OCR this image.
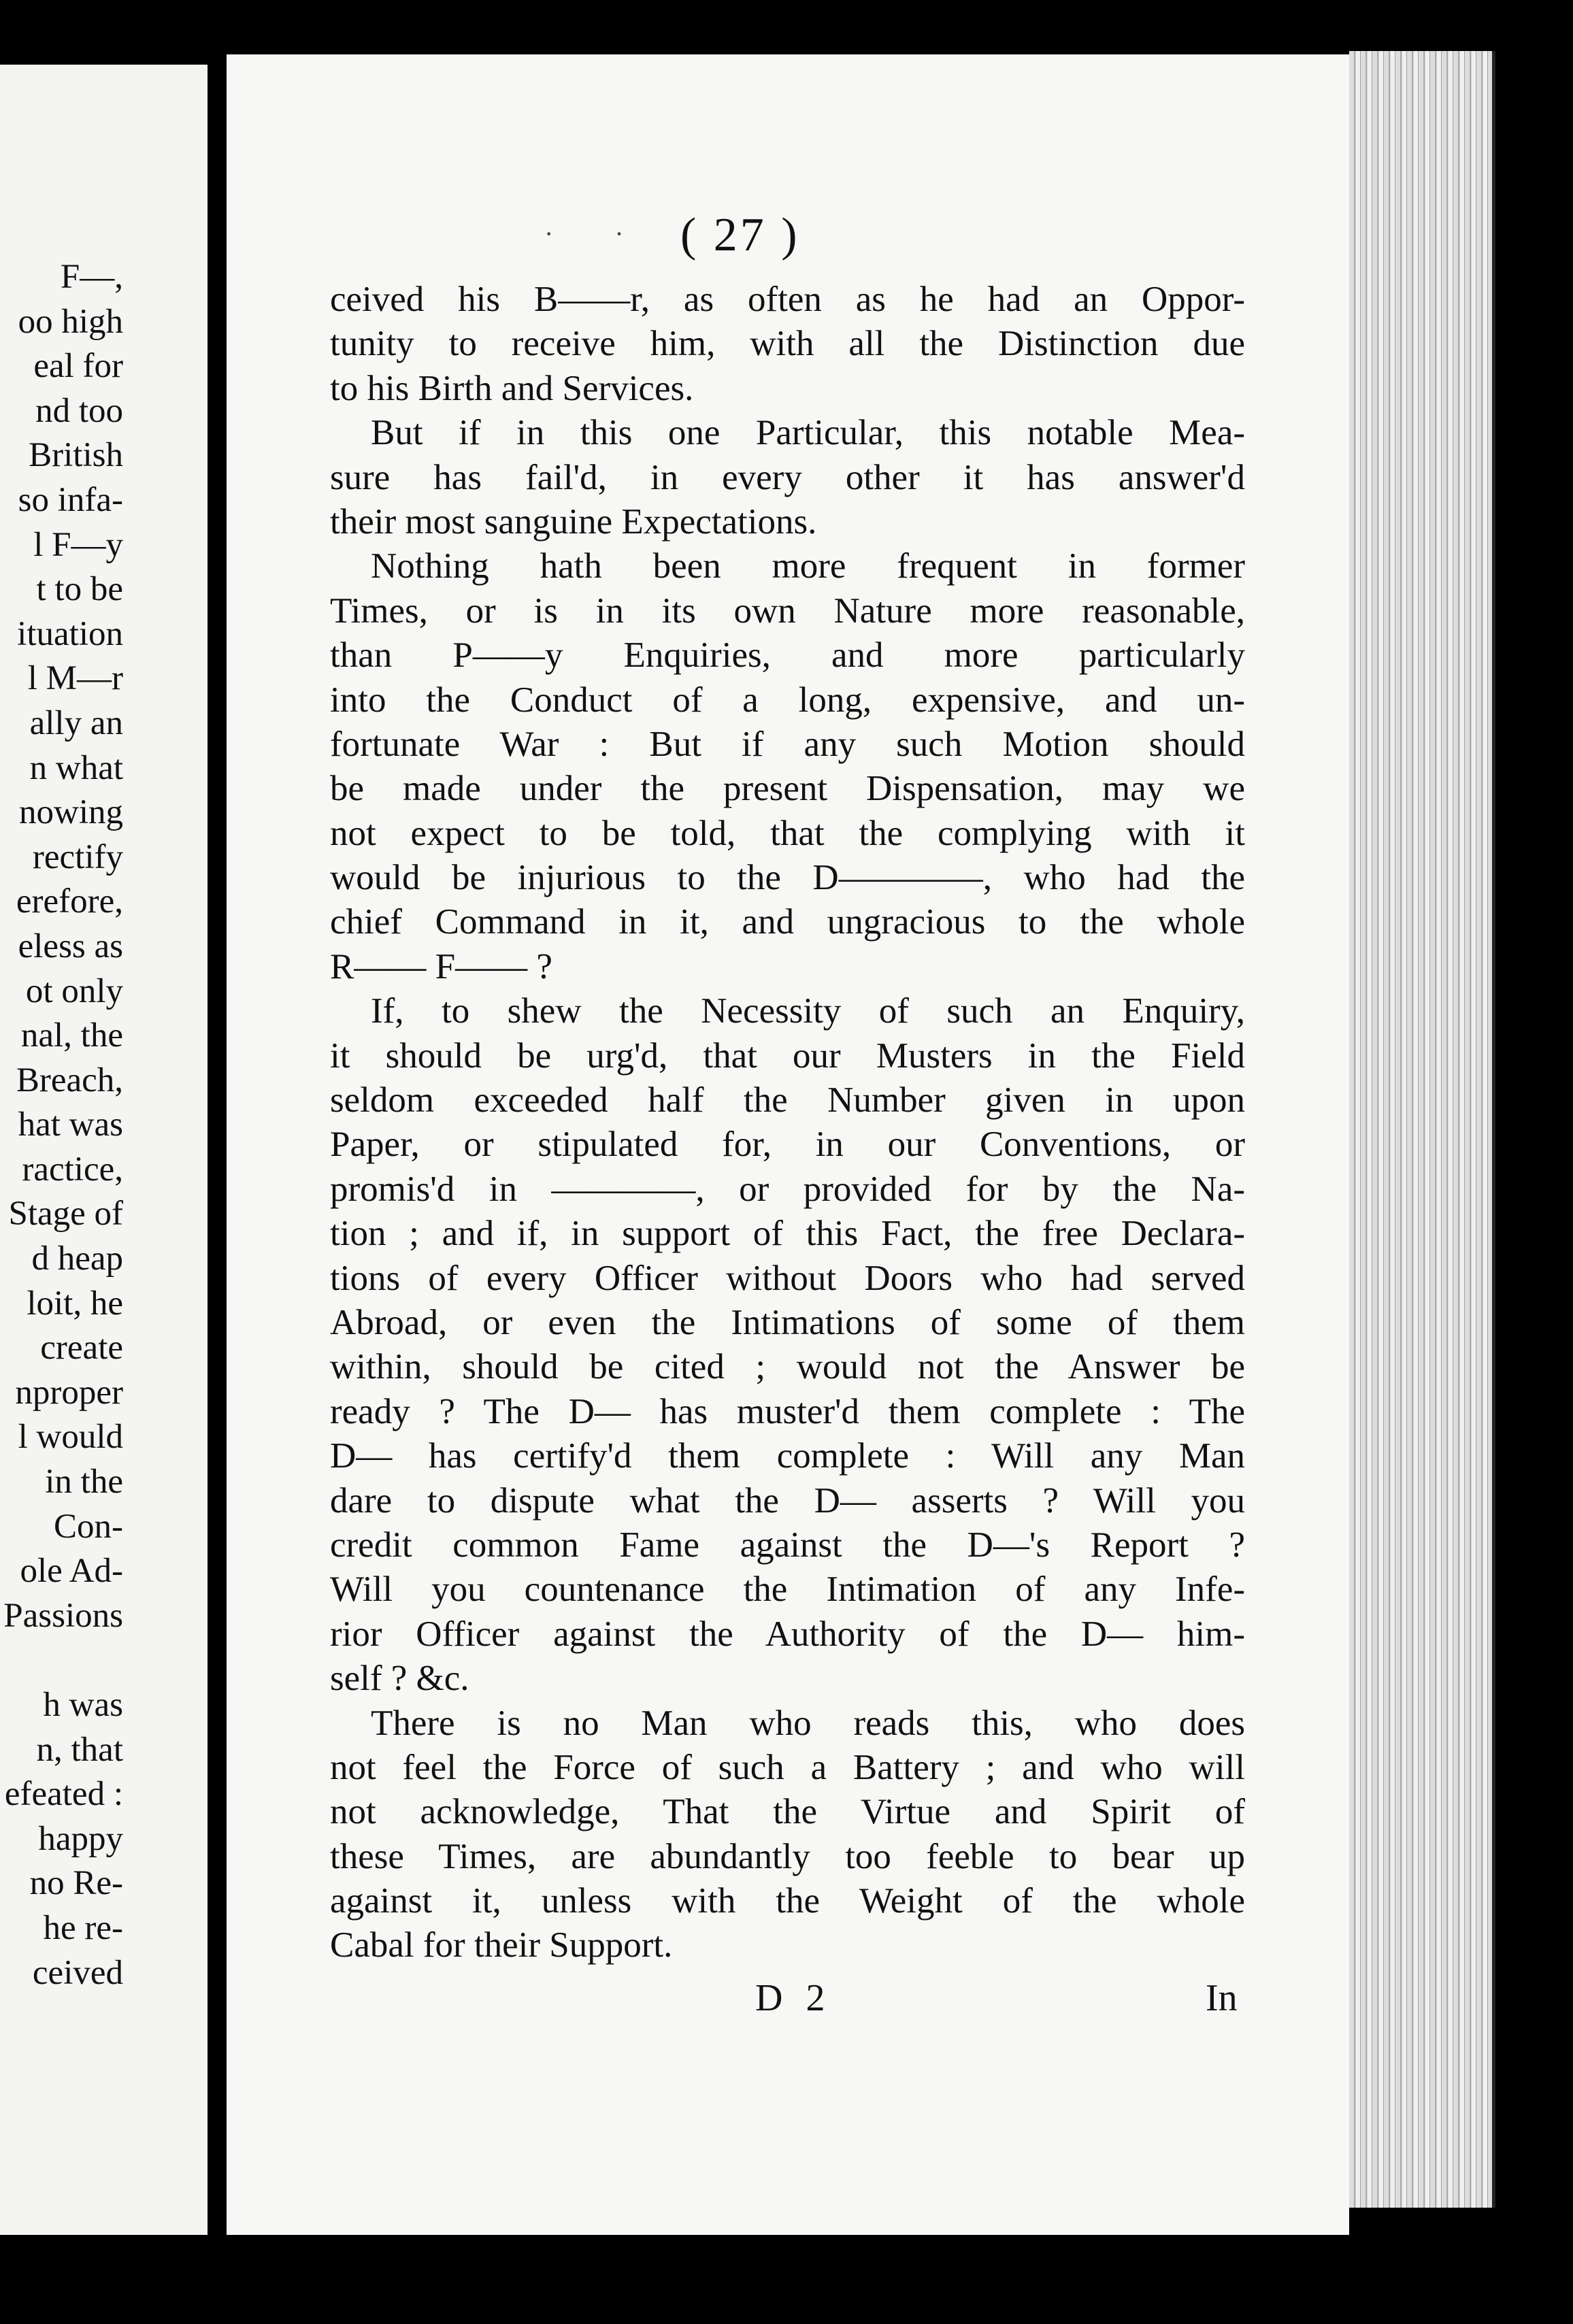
F—,
oo high
eal for
nd too
British
so infa-
l F—y
t to be
ituation
l M—r
ally an
n what
nowing
rectify
erefore,
eless as
ot only
nal, the
Breach,
hat was
ractice,
Stage of
d heap
loit, he
create
nproper
l would
in the
Con-
ole Ad-
Passions
h was
n, that
efeated :
happy
no Re-
he re-
ceived
· · ( 27 )
ceived his B——r, as often as he had an Oppor-
tunity to receive him, with all the Distinction due
to his Birth and Services.
But if in this one Particular, this notable Mea-
sure has fail'd, in every other it has answer'd
their most sanguine Expectations.
Nothing hath been more frequent in former
Times, or is in its own Nature more reasonable,
than P——y Enquiries, and more particularly
into the Conduct of a long, expensive, and un-
fortunate War : But if any such Motion should
be made under the present Dispensation, may we
not expect to be told, that the complying with it
would be injurious to the D————, who had the
chief Command in it, and ungracious to the whole
R—— F—— ?
If, to shew the Necessity of such an Enquiry,
it should be urg'd, that our Musters in the Field
seldom exceeded half the Number given in upon
Paper, or stipulated for, in our Conventions, or
promis'd in ————, or provided for by the Na-
tion ; and if, in support of this Fact, the free Declara-
tions of every Officer without Doors who had served
Abroad, or even the Intimations of some of them
within, should be cited ; would not the Answer be
ready ? The D— has muster'd them complete : The
D— has certify'd them complete : Will any Man
dare to dispute what the D— asserts ? Will you
credit common Fame against the D—'s Report ?
Will you countenance the Intimation of any Infe-
rior Officer against the Authority of the D— him-
self ? &c.
There is no Man who reads this, who does
not feel the Force of such a Battery ; and who will
not acknowledge, That the Virtue and Spirit of
these Times, are abundantly too feeble to bear up
against it, unless with the Weight of the whole
Cabal for their Support.
D 2	In
